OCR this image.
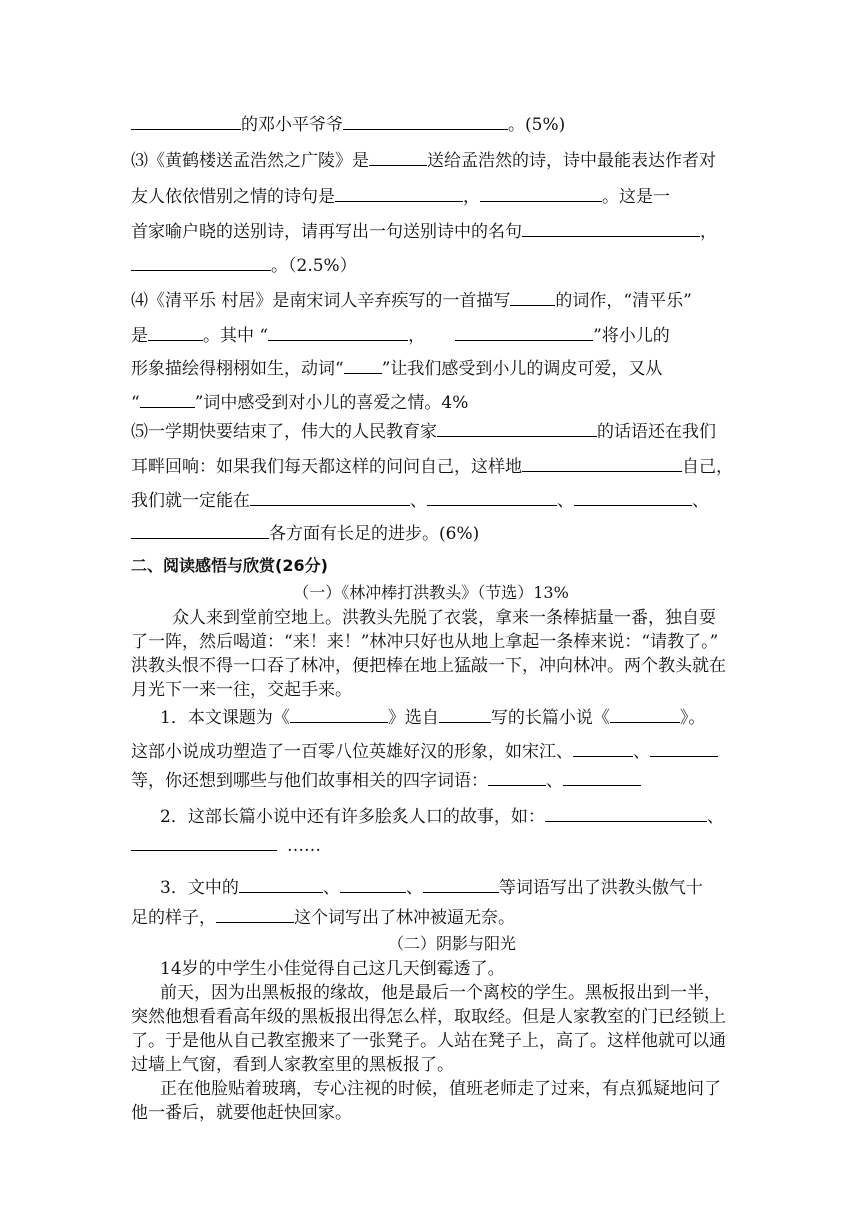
的邓小平爷爷	。(5%)
⑶《黄鹤楼送孟浩然之广陵》是	送给孟浩然的诗，诗中最能表达作者对
友人依依惜别之情的诗句是	，	。这是一
首家喻户晓的送别诗，请再写出一句送别诗中的名句	，
。（2.5%）
⑷《清平乐 村居》是南宋词人辛弃疾写的一首描写	的词作，“清平乐”
是	。其中 “	，	”将小儿的
形象描绘得栩栩如生，动词“ ”让我们感受到小儿的调皮可爱，又从
“	”词中感受到对小儿的喜爱之情。4%
⑸一学期快要结束了，伟大的人民教育家	的话语还在我们
耳畔回响：如果我们每天都这样的问问自己，这样地	自己，
我们就一定能在	、	、	、
各方面有长足的进步。(6%)
二、阅读感悟与欣赏(26分)
（一）《林冲棒打洪教头》（节选）13%
众人来到堂前空地上。洪教头先脱了衣裳，拿来一条棒掂量一番，独自耍
了一阵，然后喝道：“来！来！”林冲只好也从地上拿起一条棒来说：“请教了。”
洪教头恨不得一口吞了林冲，便把棒在地上猛敲一下，冲向林冲。两个教头就在
月光下一来一往，交起手来。
1．本文课题为《	》选自	写的长篇小说《	》。
这部小说成功塑造了一百零八位英雄好汉的形象，如宋江、	、
等，你还想到哪些与他们故事相关的四字词语：	、
2．这部长篇小说中还有许多脍炙人口的故事，如：	、
……
3．文中的	、	、	等词语写出了洪教头傲气十
足的样子，	这个词写出了林冲被逼无奈。
（二）阴影与阳光
14岁的中学生小佳觉得自己这几天倒霉透了。
前天，因为出黑板报的缘故，他是最后一个离校的学生。黑板报出到一半，
突然他想看看高年级的黑板报出得怎么样，取取经。但是人家教室的门已经锁上
了。于是他从自己教室搬来了一张凳子。人站在凳子上，高了。这样他就可以通
过墙上气窗，看到人家教室里的黑板报了。
正在他脸贴着玻璃，专心注视的时候，值班老师走了过来，有点狐疑地问了
他一番后，就要他赶快回家。
